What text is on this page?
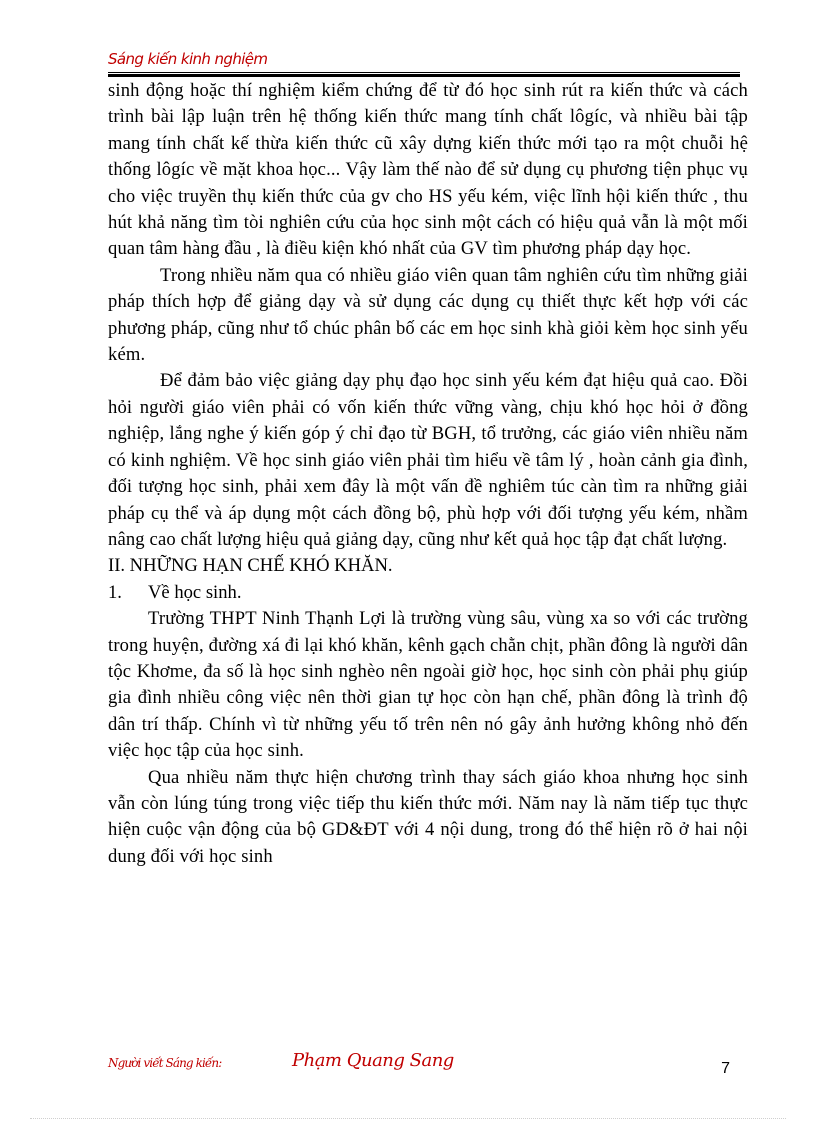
Sáng kiến kinh nghiệm

sinh động hoặc thí nghiệm kiểm chứng để từ đó học sinh rút ra kiến thức và cách trình bài lập luận trên hệ thống kiến thức mang tính chất lôgíc, và nhiều bài tập mang tính chất kế thừa kiến thức cũ xây dựng kiến thức mới tạo ra một chuỗi hệ thống lôgíc về mặt khoa học... Vậy làm thế nào để sử dụng cụ phương tiện phục vụ cho việc truyền thụ kiến thức của gv cho HS yếu kém, việc lĩnh hội kiến thức , thu hút khả năng tìm tòi nghiên cứu của học sinh một cách có hiệu quả vẫn là một mối quan tâm hàng đầu , là điều kiện khó nhất của GV tìm phương pháp dạy học.

Trong nhiều năm qua có nhiều giáo viên quan tâm nghiên cứu tìm những giải pháp thích hợp để giảng dạy và sử dụng các dụng cụ thiết thực kết hợp với các phương pháp, cũng như tổ chúc phân bố các em học sinh khà giỏi kèm học sinh yếu kém.

Để đảm bảo việc giảng dạy phụ đạo học sinh yếu kém đạt hiệu quả cao. Đồi hỏi người giáo viên phải có vốn kiến thức vững vàng, chịu khó học hỏi ở đồng nghiệp, lắng nghe ý kiến góp ý chỉ đạo từ BGH, tổ trưởng, các giáo viên nhiều năm có kinh nghiệm. Về học sinh giáo viên phải tìm hiểu về tâm lý , hoàn cảnh gia đình, đối tượng học sinh, phải xem đây là một vấn đề nghiêm túc càn tìm ra những giải pháp cụ thể và áp dụng một cách đồng bộ, phù hợp với đối tượng yếu kém, nhầm nâng cao chất lượng hiệu quả giảng dạy, cũng như kết quả học tập đạt chất lượng.

II. NHỮNG HẠN CHẾ KHÓ KHĂN.

1. Về học sinh.

Trường THPT Ninh Thạnh Lợi là trường vùng sâu, vùng xa so với các trường trong huyện, đường xá đi lại khó khăn, kênh gạch chằn chịt, phần đông là người dân tộc Khơme, đa số là học sinh nghèo nên ngoài giờ học, học sinh còn phải phụ giúp gia đình nhiều công việc nên thời gian tự học còn hạn chế, phần đông là trình độ dân trí thấp. Chính vì từ những yếu tố trên nên nó gây ảnh hưởng không nhỏ đến việc học tập của học sinh.

Qua nhiều năm thực hiện chương trình thay sách giáo khoa nhưng học sinh vẫn còn lúng túng trong việc tiếp thu kiến thức mới. Năm nay là năm tiếp tục thực hiện cuộc vận động của bộ GD&ĐT với 4 nội dung, trong đó thể hiện rõ ở hai nội dung đối với học sinh

Người viết Sáng kiến:	Phạm Quang Sang	7
